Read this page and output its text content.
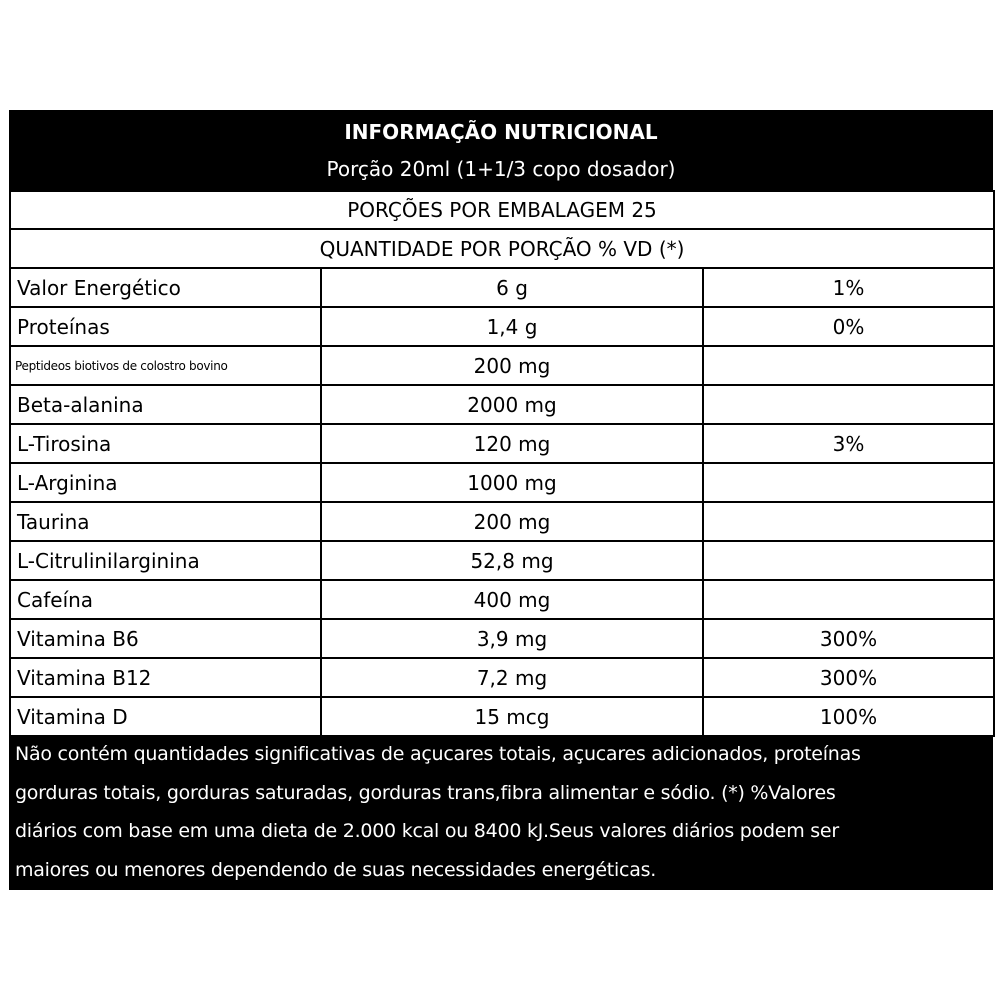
INFORMAÇÃO NUTRICIONAL
Porção 20ml (1+1/3 copo dosador)
PORÇÕES POR EMBALAGEM 25		
QUANTIDADE POR PORÇÃO % VD (*)		
Valor Energético	6 g	1%
Proteínas	1,4 g	0%
Peptideos biotivos de colostro bovino	200 mg	
Beta-alanina	2000 mg	
L-Tirosina	120 mg	3%
L-Arginina	1000 mg	
Taurina	200 mg	
L-Citrulinilarginina	52,8 mg	
Cafeína	400 mg	
Vitamina B6	3,9 mg	300%
Vitamina B12	7,2 mg	300%
Vitamina D	15 mcg	100%
Não contém quantidades significativas de açucares totais, açucares adicionados, proteínas
gorduras totais, gorduras saturadas, gorduras trans,fibra alimentar e sódio. (*) %Valores
diários com base em uma dieta de 2.000 kcal ou 8400 kJ.Seus valores diários podem ser
maiores ou menores dependendo de suas necessidades energéticas.
